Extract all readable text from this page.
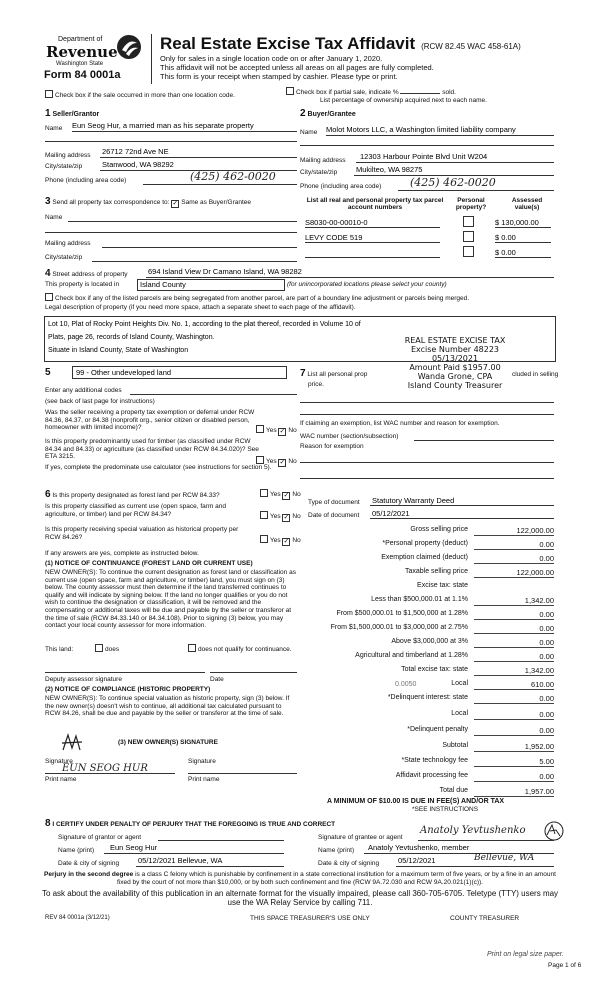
Department of
Revenue
Washington State
Form 84 0001a
Real Estate Excise Tax Affidavit (RCW 82.45 WAC 458-61A)
Only for sales in a single location code on or after January 1, 2020.
This affidavit will not be accepted unless all areas on all pages are fully completed.
This form is your receipt when stamped by cashier. Please type or print.
Check box if the sale occurred in more than one location code.	Check box if partial sale, indicate %	sold.
List percentage of ownership acquired next to each name.
1 Seller/Grantor
Name Eun Seog Hur, a married man as his separate property
Mailing address 26712 72nd Ave NE
City/state/zip	Stanwood, WA 98292
Phone (including area code)	(425) 462-0020
2 Buyer/Grantee
Name Molot Motors LLC, a Washington limited liability company
Mailing address 12303 Harbour Pointe Blvd Unit W204
City/state/zip	Mukilteo, WA 98275
Phone (including area code)	(425) 462-0020
3 Send all property tax correspondence to: ✓ Same as Buyer/Grantee
Name
Mailing address
City/state/zip
List all real and personal property tax parcel account numbers
Personal property?
Assessed value(s)
S8030-00-00010-0	$ 130,000.00
LEVY CODE 519	$ 0.00
$ 0.00
4 Street address of property	694 Island View Dr Camano Island, WA 98282
This property is located in	Island County	(for unincorporated locations please select your county)
Check box if any of the listed parcels are being segregated from another parcel, are part of a boundary line adjustment or parcels being merged.
Legal description of property (if you need more space, attach a separate sheet to each page of the affidavit).
Lot 10, Plat of Rocky Point Heights Div. No. 1, according to the plat thereof, recorded in Volume 10 of
Plats, page 26, records of Island County, Washington.
Situate in Island County, State of Washington
REAL ESTATE EXCISE TAX
Excise Number 48223
05/13/2021
Amount Paid $1957.00
Wanda Grone, CPA
Island County Treasurer
5	99 - Other undeveloped land
Enter any additional codes
(see back of last page for instructions)
Was the seller receiving a property tax exemption or deferral under RCW 84.36, 84.37, or 84.38 (nonprofit org., senior citizen or disabled person, homeowner with limited income)?	Yes ✓ No
Is this property predominantly used for timber (as classified under RCW 84.34 and 84.33) or agriculture (as classified under RCW 84.34.020)? See ETA 3215.
Yes ✓ No
If yes, complete the predominate use calculator (see instructions for section 5).
7 List all personal prop	cluded in selling
price.
If claiming an exemption, list WAC number and reason for exemption.
WAC number (section/subsection)
Reason for exemption
6 Is this property designated as forest land per RCW 84.33?	Yes ✓ No
Is this property classified as current use (open space, farm and agriculture, or timber) land per RCW 84.34?	Yes ✓ No
Is this property receiving special valuation as historical property per RCW 84.26?	Yes ✓ No
If any answers are yes, complete as instructed below.
(1) NOTICE OF CONTINUANCE (FOREST LAND OR CURRENT USE)
NEW OWNER(S): To continue the current designation as forest land or classification as current use (open space, farm and agriculture, or timber) land, you must sign on (3) below. The county assessor must then determine if the land transferred continues to qualify and will indicate by signing below. If the land no longer qualifies or you do not wish to continue the designation or classification, it will be removed and the compensating or additional taxes will be due and payable by the seller or transferor at the time of sale (RCW 84.33.140 or 84.34.108). Prior to signing (3) below, you may contact your local county assessor for more information.
This land:	does	does not qualify for continuance.
Deputy assessor signature	Date
(2) NOTICE OF COMPLIANCE (HISTORIC PROPERTY)
NEW OWNER(S): To continue special valuation as historic property, sign (3) below. If the new owner(s) doesn't wish to continue, all additional tax calculated pursuant to RCW 84.26, shall be due and payable by the seller or transferor at the time of sale.
(3) NEW OWNER(S) SIGNATURE
Signature	Signature
EUN SEOG HUR
Print name	Print name
Type of document Statutory Warranty Deed
Date of document 05/12/2021
Gross selling price	122,000.00
*Personal property (deduct)	0.00
Exemption claimed (deduct)	0.00
Taxable selling price	122,000.00
Excise tax: state
Less than $500,000.01 at 1.1%	1,342.00
From $500,000.01 to $1,500,000 at 1.28%	0.00
From $1,500,000.01 to $3,000,000 at 2.75%	0.00
Above $3,000,000 at 3%	0.00
Agricultural and timberland at 1.28%	0.00
Total excise tax: state	1,342.00
Local	610.00
*Delinquent interest: state	0.00
Local	0.00
*Delinquent penalty	0.00
Subtotal	1,952.00
*State technology fee	5.00
Affidavit processing fee	0.00
Total due	1,957.00
0.0050
A MINIMUM OF $10.00 IS DUE IN FEE(S) AND/OR TAX
*SEE INSTRUCTIONS
8 I CERTIFY UNDER PENALTY OF PERJURY THAT THE FOREGOING IS TRUE AND CORRECT
Signature of grantor or agent
Name (print) Eun Seog Hur
Date & city of signing	05/12/2021 Bellevue, WA
Signature of grantee or agent
Anatoly Yevtushenko
Name (print) Anatoly Yevtushenko, member
Date & city of signing	05/12/2021	Bellevue, WA
Perjury in the second degree is a class C felony which is punishable by confinement in a state correctional institution for a maximum term of five years, or by a fine in an amount fixed by the court of not more than $10,000, or by both such confinement and fine (RCW 9A.72.030 and RCW 9A.20.021(1)(c)).
To ask about the availability of this publication in an alternate format for the visually impaired, please call 360-705-6705. Teletype (TTY) users may use the WA Relay Service by calling 711.
REV 84 0001a (3/12/21)	THIS SPACE TREASURER'S USE ONLY	COUNTY TREASURER
Print on legal size paper.
Page 1 of 6
